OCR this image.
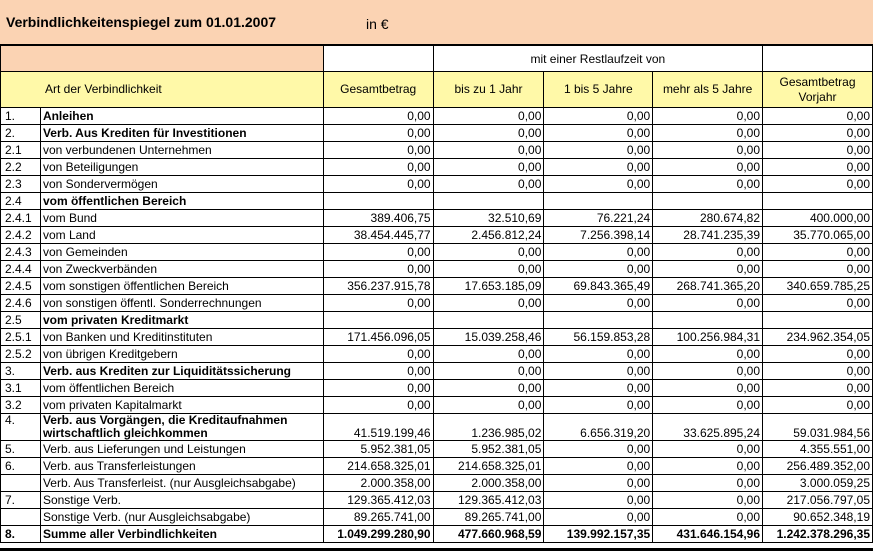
Verbindlichkeitenspiegel zum 01.01.2007	in €
			mit einer Restlaufzeit von			
Art der Verbindlichkeit		Gesamtbetrag	bis zu 1 Jahr	1 bis 5 Jahre	mehr als 5 Jahre	Gesamtbetrag Vorjahr
1.	Anleihen	0,00	0,00	0,00	0,00	0,00
2.	Verb. Aus Krediten für Investitionen	0,00	0,00	0,00	0,00	0,00
2.1	von verbundenen Unternehmen	0,00	0,00	0,00	0,00	0,00
2.2	von Beteiligungen	0,00	0,00	0,00	0,00	0,00
2.3	von Sondervermögen	0,00	0,00	0,00	0,00	0,00
2.4	vom öffentlichen Bereich					
2.4.1	vom Bund	389.406,75	32.510,69	76.221,24	280.674,82	400.000,00
2.4.2	vom Land	38.454.445,77	2.456.812,24	7.256.398,14	28.741.235,39	35.770.065,00
2.4.3	von Gemeinden	0,00	0,00	0,00	0,00	0,00
2.4.4	von Zweckverbänden	0,00	0,00	0,00	0,00	0,00
2.4.5	vom sonstigen öffentlichen Bereich	356.237.915,78	17.653.185,09	69.843.365,49	268.741.365,20	340.659.785,25
2.4.6	von sonstigen öffentl. Sonderrechnungen	0,00	0,00	0,00	0,00	0,00
2.5	vom privaten Kreditmarkt					
2.5.1	von Banken und Kreditinstituten	171.456.096,05	15.039.258,46	56.159.853,28	100.256.984,31	234.962.354,05
2.5.2	von übrigen Kreditgebern	0,00	0,00	0,00	0,00	0,00
3.	Verb. aus Krediten zur Liquiditätssicherung	0,00	0,00	0,00	0,00	0,00
3.1	vom öffentlichen Bereich	0,00	0,00	0,00	0,00	0,00
3.2	vom privaten Kapitalmarkt	0,00	0,00	0,00	0,00	0,00
4.	Verb. aus Vorgängen, die Kreditaufnahmen wirtschaftlich gleichkommen	41.519.199,46	1.236.985,02	6.656.319,20	33.625.895,24	59.031.984,56
5.	Verb. aus Lieferungen und Leistungen	5.952.381,05	5.952.381,05	0,00	0,00	4.355.551,00
6.	Verb. aus Transferleistungen	214.658.325,01	214.658.325,01	0,00	0,00	256.489.352,00
	Verb. Aus Transferleist. (nur Ausgleichsabgabe)	2.000.358,00	2.000.358,00	0,00	0,00	3.000.059,25
7.	Sonstige Verb.	129.365.412,03	129.365.412,03	0,00	0,00	217.056.797,05
	Sonstige Verb. (nur Ausgleichsabgabe)	89.265.741,00	89.265.741,00	0,00	0,00	90.652.348,19
8.	Summe aller Verbindlichkeiten	1.049.299.280,90	477.660.968,59	139.992.157,35	431.646.154,96	1.242.378.296,35
